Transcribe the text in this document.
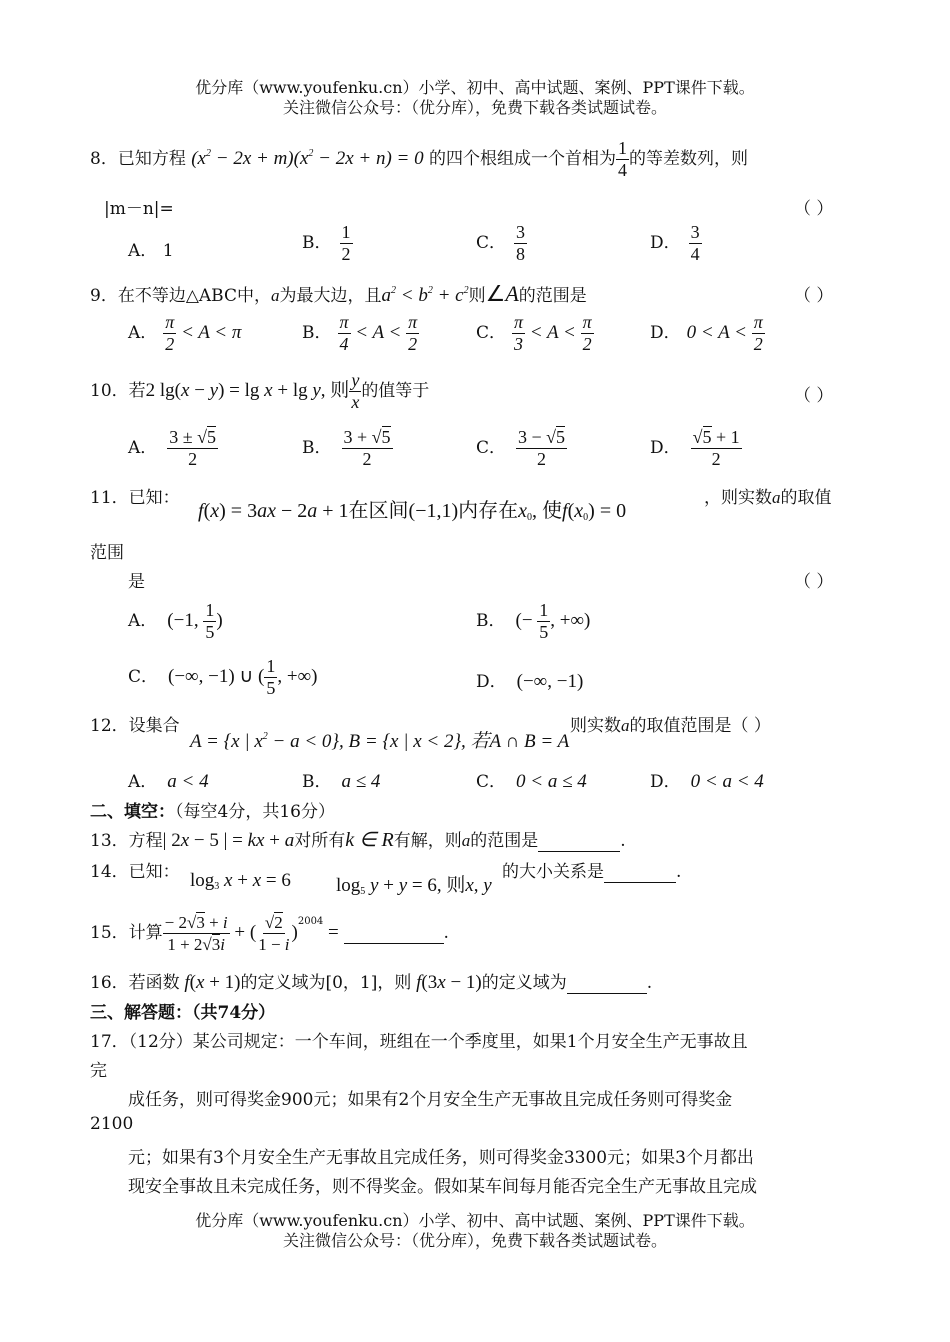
优分库（www.youfenku.cn）小学、初中、高中试题、案例、PPT课件下载。
关注微信公众号：（优分库），免费下载各类试题试卷。
8．已知方程 $(x^2 - 2x + m)(x^2 - 2x + n) = 0$ 的四个根组成一个首相为 $\frac{1}{4}$ 的等差数列，则
|m－n|=	（ ）
A． 1	B． $\frac{1}{2}$	C． $\frac{3}{8}$	D． $\frac{3}{4}$
9．在不等边△ABC中，a为最大边，且$a^2 < b^2 + c^2$则∠A的范围是	（ ）
A． $\frac{\pi}{2} < A < \pi$	B． $\frac{\pi}{4} < A < \frac{\pi}{2}$	C． $\frac{\pi}{3} < A < \frac{\pi}{2}$	D． $0 < A < \frac{\pi}{2}$
10．若2 lg(x − y) = lg x + lg y, 则 $\frac{y}{x}$ 的值等于	（ ）
A． $\frac{3 \pm √5}{2}$	B． $\frac{3 + √5}{2}$	C． $\frac{3 - √5}{2}$	D． $\frac{√5 + 1}{2}$
11．已知：
f(x) = 3ax − 2a + 1在区间(−1,1)内存在$x_0$, 使$f(x_0) = 0$
，则实数a的取值
范围
是	（ ）
A． (−1, $\frac{1}{5}$ )	B． (− $\frac{1}{5}$ , +∞)
C． (−∞, −1) ∪ ( $\frac{1}{5}$ , +∞)	D． (−∞, −1)
12．设集合
A = {x | $x^2 - a < 0$}, B = {x | x < 2}, 若A ∩ B = A
则实数a的取值范围是（ ）
A． a < 4	B． a ≤ 4	C． 0 < a ≤ 4	D． 0 < a < 4
二、填空：（每空4分，共16分）
13．方程| 2x − 5 | = kx + a对所有k ∈ R有解，则a的范围是	.
14．已知： $\log_3 x + x = 6$ $\log_5 y + y = 6$, 则x, y
的大小关系是	.
15．计算 $\frac{- 2√3 + i}{1 + 2√3i}$ + ( $\frac{√2}{1 - i} )^{2004}$ =	.
16．若函数 f(x + 1)的定义域为[0，1]，则 f(3x − 1)的定义域为	.
三、解答题：（共74分）
17．（12分）某公司规定：一个车间，班组在一个季度里，如果1个月安全生产无事故且
完
成任务，则可得奖金900元；如果有2个月安全生产无事故且完成任务则可得奖金
2100
元；如果有3个月安全生产无事故且完成任务，则可得奖金3300元；如果3个月都出
现安全事故且未完成任务，则不得奖金。假如某车间每月能否完全生产无事故且完成
优分库（www.youfenku.cn）小学、初中、高中试题、案例、PPT课件下载。
关注微信公众号：（优分库），免费下载各类试题试卷。
